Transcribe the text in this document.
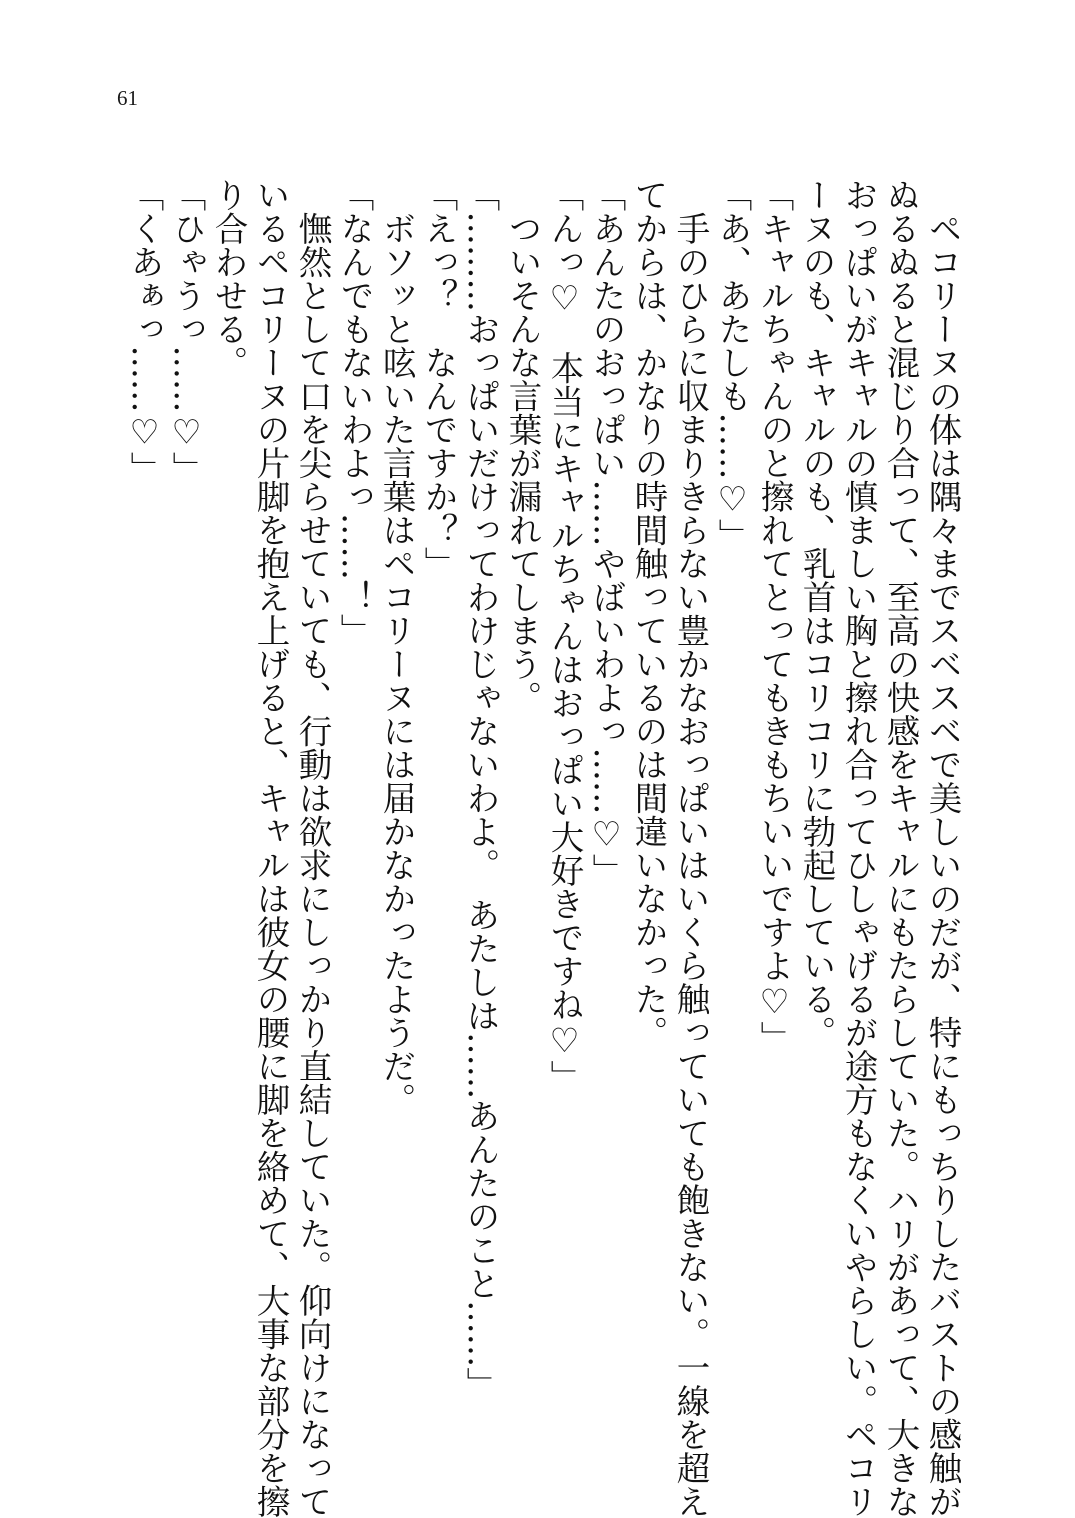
61

　ペコリーヌの体は隅々までスベスベで美しいのだが、特にもっちりしたバストの感触が

ぬるぬると混じり合って、至高の快感をキャルにもたらしていた。ハリがあって、大きな

おっぱいがキャルの慎ましい胸と擦れ合ってひしゃげるが途方もなくいやらしい。ペコリ

ーヌのも、キャルのも、乳首はコリコリに勃起している。

「キャルちゃんのと擦れてとってもきもちいいですよ♡」

「あ、あたしも……♡」

　手のひらに収まりきらない豊かなおっぱいはいくら触っていても飽きない。一線を超え

てからは、かなりの時間触っているのは間違いなかった。

「あんたのおっぱい……やばいわよっ……♡」

「んっ♡　本当にキャルちゃんはおっぱい大好きですね♡」

　ついそんな言葉が漏れてしまう。

「………おっぱいだけってわけじゃないわよ。　あたしは……あんたのこと……」

「えっ？　なんですか？」

　ボソッと呟いた言葉はペコリーヌには届かなかったようだ。

「なんでもないわよっ……！」

　憮然として口を尖らせていても、行動は欲求にしっかり直結していた。仰向けになって

いるペコリーヌの片脚を抱え上げると、キャルは彼女の腰に脚を絡めて、大事な部分を擦

り合わせる。

「ひゃうっ……♡」

「くあぁっ……♡」
